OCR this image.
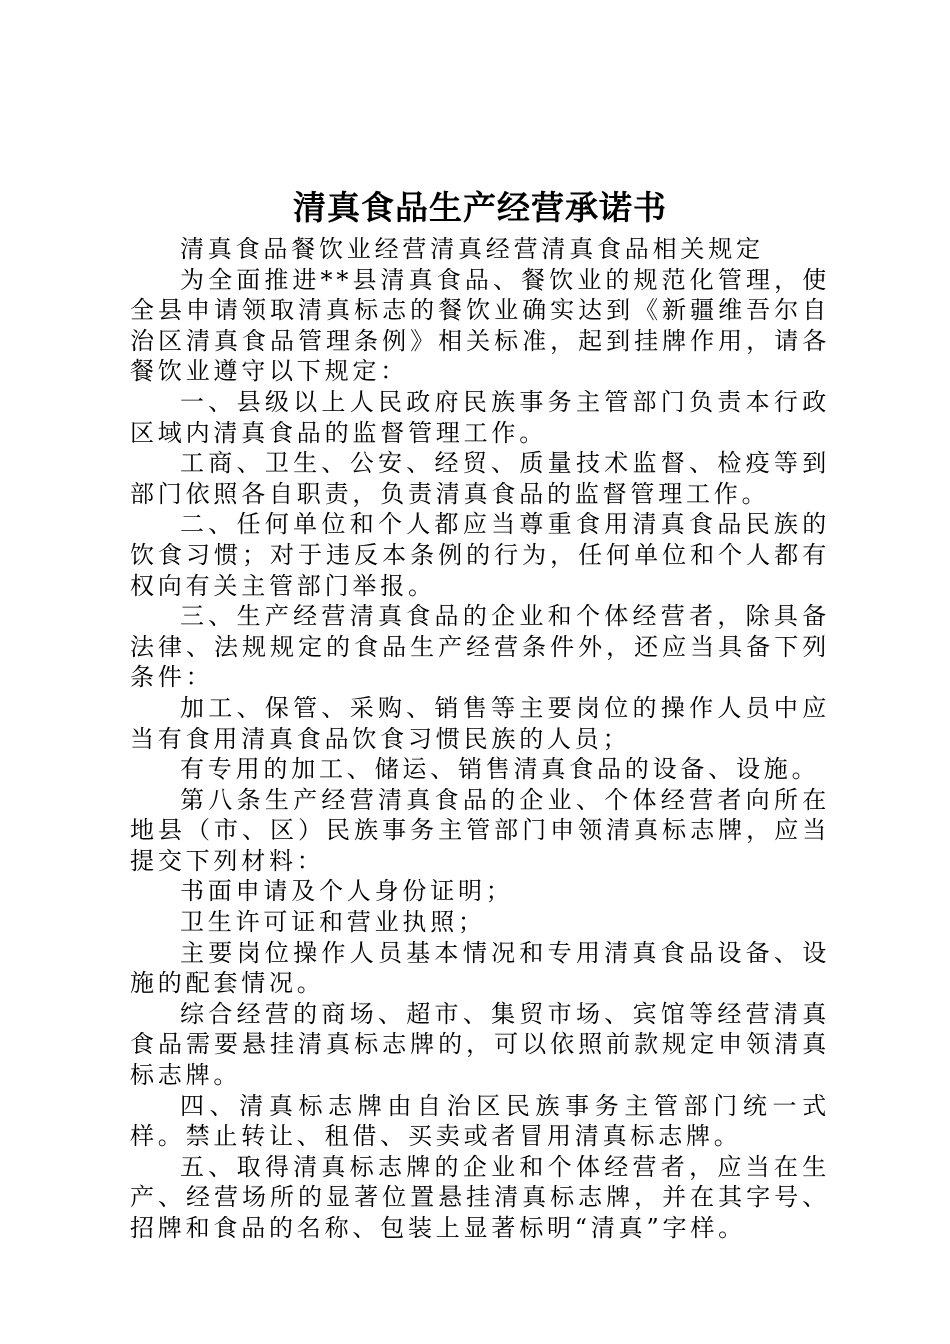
清真食品生产经营承诺书

清真食品餐饮业经营清真经营清真食品相关规定

为全面推进**县清真食品、餐饮业的规范化管理，使全县申请领取清真标志的餐饮业确实达到《新疆维吾尔自治区清真食品管理条例》相关标准，起到挂牌作用，请各餐饮业遵守以下规定：

一、县级以上人民政府民族事务主管部门负责本行政区域内清真食品的监督管理工作。

工商、卫生、公安、经贸、质量技术监督、检疫等到部门依照各自职责，负责清真食品的监督管理工作。

二、任何单位和个人都应当尊重食用清真食品民族的饮食习惯；对于违反本条例的行为，任何单位和个人都有权向有关主管部门举报。

三、生产经营清真食品的企业和个体经营者，除具备法律、法规规定的食品生产经营条件外，还应当具备下列条件：

加工、保管、采购、销售等主要岗位的操作人员中应当有食用清真食品饮食习惯民族的人员；

有专用的加工、储运、销售清真食品的设备、设施。

第八条生产经营清真食品的企业、个体经营者向所在地县（市、区）民族事务主管部门申领清真标志牌，应当提交下列材料：

书面申请及个人身份证明；

卫生许可证和营业执照；

主要岗位操作人员基本情况和专用清真食品设备、设施的配套情况。

综合经营的商场、超市、集贸市场、宾馆等经营清真食品需要悬挂清真标志牌的，可以依照前款规定申领清真标志牌。

四、清真标志牌由自治区民族事务主管部门统一式样。禁止转让、租借、买卖或者冒用清真标志牌。

五、取得清真标志牌的企业和个体经营者，应当在生产、经营场所的显著位置悬挂清真标志牌，并在其字号、招牌和食品的名称、包装上显著标明“清真”字样。
